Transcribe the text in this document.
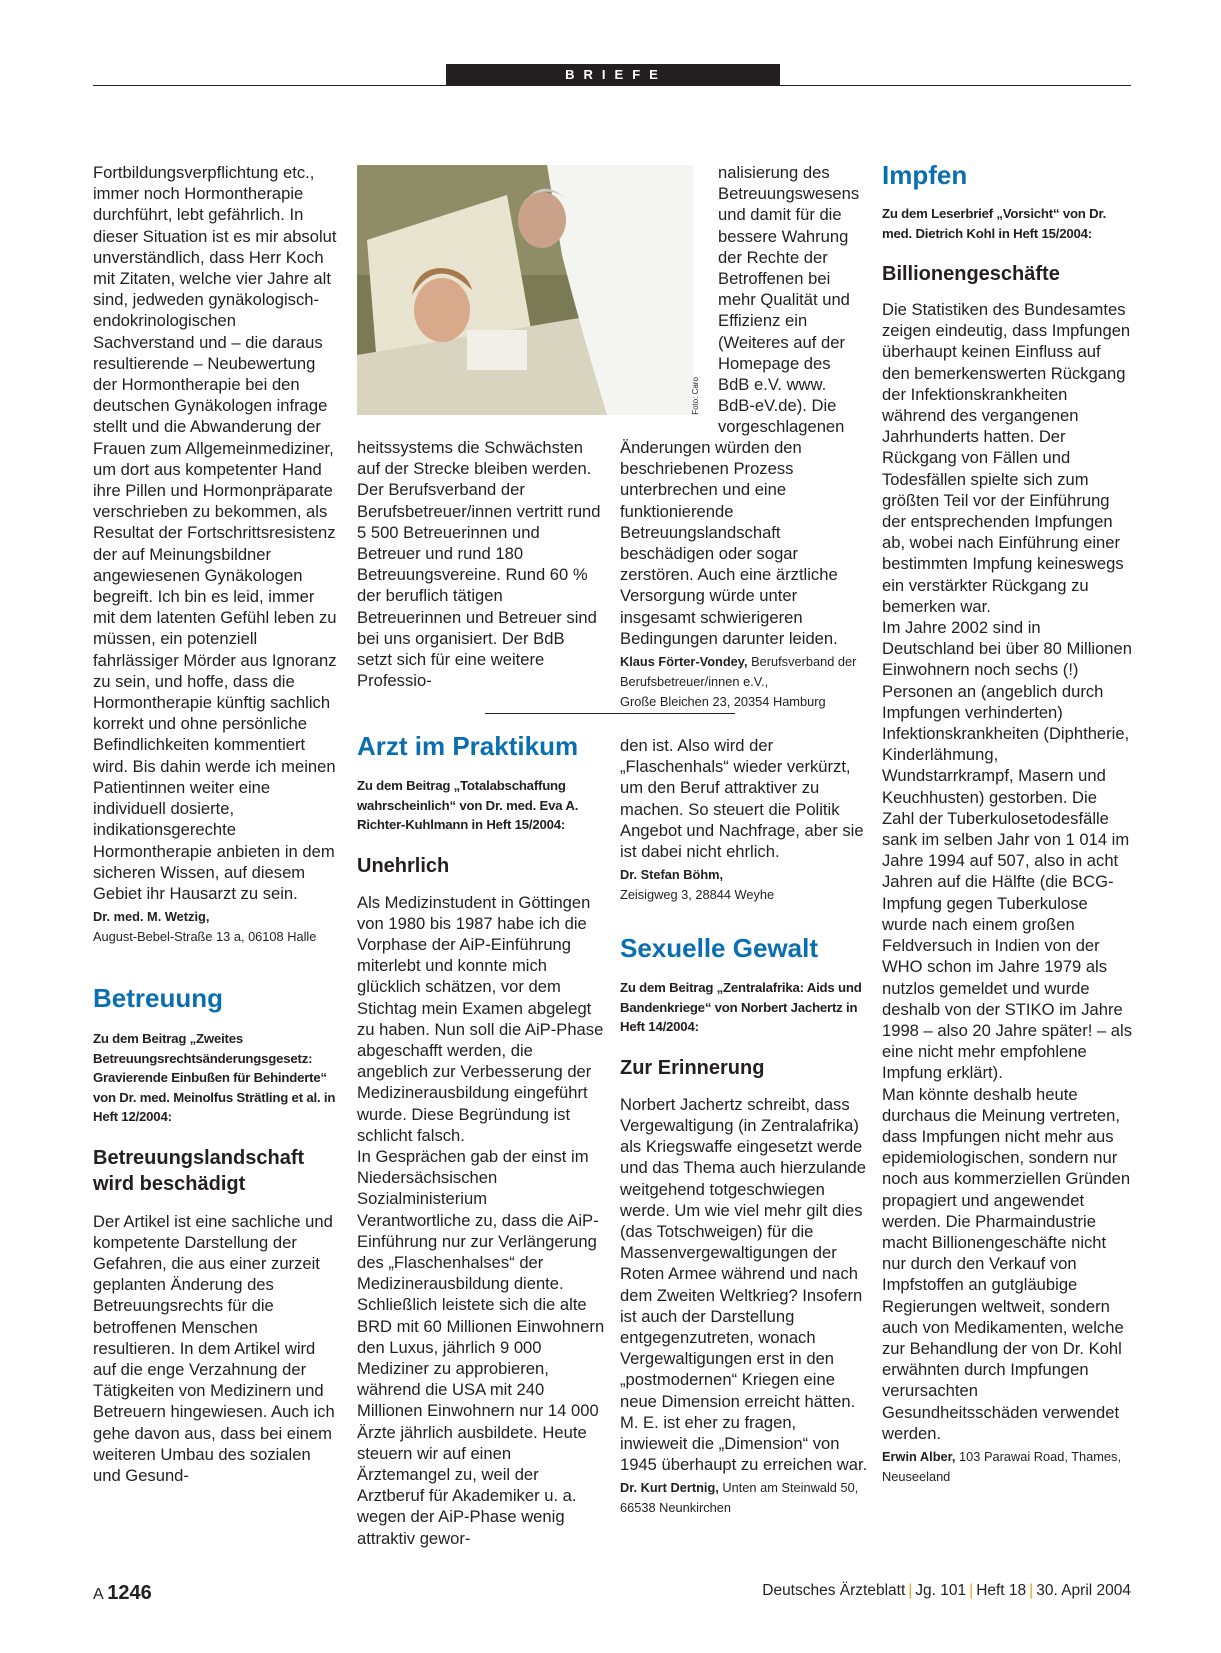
BRIEFE

Fortbildungsverpflichtung etc., immer noch Hormontherapie durchführt, lebt gefährlich. In dieser Situation ist es mir absolut unverständlich, dass Herr Koch mit Zitaten, welche vier Jahre alt sind, jedweden gynäkologisch-endokrinologischen Sachverstand und – die daraus resultierende – Neubewertung der Hormontherapie bei den deutschen Gynäkologen infrage stellt und die Abwanderung der Frauen zum Allgemeinmediziner, um dort aus kompetenter Hand ihre Pillen und Hormonpräparate verschrieben zu bekommen, als Resultat der Fortschrittsresistenz der auf Meinungsbildner angewiesenen Gynäkologen begreift. Ich bin es leid, immer mit dem latenten Gefühl leben zu müssen, ein potenziell fahrlässiger Mörder aus Ignoranz zu sein, und hoffe, dass die Hormontherapie künftig sachlich korrekt und ohne persönliche Befindlichkeiten kommentiert wird. Bis dahin werde ich meinen Patientinnen weiter eine individuell dosierte, indikationsgerechte Hormontherapie anbieten in dem sicheren Wissen, auf diesem Gebiet ihr Hausarzt zu sein.

Dr. med. M. Wetzig,
August-Bebel-Straße 13 a, 06108 Halle
Betreuung

Zu dem Beitrag „Zweites Betreuungsrechtsänderungsgesetz: Gravierende Einbußen für Behinderte“ von Dr. med. Meinolfus Strätling et al. in Heft 12/2004:

Betreuungslandschaft wird beschädigt

Der Artikel ist eine sachliche und kompetente Darstellung der Gefahren, die aus einer zurzeit geplanten Änderung des Betreuungsrechts für die betroffenen Menschen resultieren. In dem Artikel wird auf die enge Verzahnung der Tätigkeiten von Medizinern und Betreuern hingewiesen. Auch ich gehe davon aus, dass bei einem weiteren Umbau des sozialen und Gesund-

Foto: Caro

heitssystems die Schwächsten auf der Strecke bleiben werden.

Der Berufsverband der Berufsbetreuer/innen vertritt rund 5 500 Betreuerinnen und Betreuer und rund 180 Betreuungsvereine. Rund 60 % der beruflich tätigen Betreuerinnen und Betreuer sind bei uns organisiert. Der BdB setzt sich für eine weitere Professio-

nalisierung des Betreuungswesens und damit für die bessere Wahrung der Rechte der Betroffenen bei mehr Qualität und Effizienz ein (Weiteres auf der Homepage des BdB e.V. www. BdB-eV.de). Die vorgeschlagenen

Änderungen würden den beschriebenen Prozess unterbrechen und eine funktionierende Betreuungslandschaft beschädigen oder sogar zerstören. Auch eine ärztliche Versorgung würde unter insgesamt schwierigeren Bedingungen darunter leiden.

Klaus Förter-Vondey, Berufsverband der Berufsbetreuer/innen e.V.,
Große Bleichen 23, 20354 Hamburg
Arzt im Praktikum

Zu dem Beitrag „Totalabschaffung wahrscheinlich“ von Dr. med. Eva A. Richter-Kuhlmann in Heft 15/2004:

Unehrlich

Als Medizinstudent in Göttingen von 1980 bis 1987 habe ich die Vorphase der AiP-Einführung miterlebt und konnte mich glücklich schätzen, vor dem Stichtag mein Examen abgelegt zu haben. Nun soll die AiP-Phase abgeschafft werden, die angeblich zur Verbesserung der Medizinerausbildung eingeführt wurde. Diese Begründung ist schlicht falsch.

In Gesprächen gab der einst im Niedersächsischen Sozialministerium Verantwortliche zu, dass die AiP-Einführung nur zur Verlängerung des „Flaschenhalses“ der Medizinerausbildung diente. Schließlich leistete sich die alte BRD mit 60 Millionen Einwohnern den Luxus, jährlich 9 000 Mediziner zu approbieren, während die USA mit 240 Millionen Einwohnern nur 14 000 Ärzte jährlich ausbildete. Heute steuern wir auf einen Ärztemangel zu, weil der Arztberuf für Akademiker u. a. wegen der AiP-Phase wenig attraktiv gewor-

den ist. Also wird der „Flaschenhals“ wieder verkürzt, um den Beruf attraktiver zu machen. So steuert die Politik Angebot und Nachfrage, aber sie ist dabei nicht ehrlich.

Dr. Stefan Böhm,
Zeisigweg 3, 28844 Weyhe
Sexuelle Gewalt

Zu dem Beitrag „Zentralafrika: Aids und Bandenkriege“ von Norbert Jachertz in Heft 14/2004:

Zur Erinnerung

Norbert Jachertz schreibt, dass Vergewaltigung (in Zentralafrika) als Kriegswaffe eingesetzt werde und das Thema auch hierzulande weitgehend totgeschwiegen werde. Um wie viel mehr gilt dies (das Totschweigen) für die Massenvergewaltigungen der Roten Armee während und nach dem Zweiten Weltkrieg? Insofern ist auch der Darstellung entgegenzutreten, wonach Vergewaltigungen erst in den „postmodernen“ Kriegen eine neue Dimension erreicht hätten. M. E. ist eher zu fragen, inwieweit die „Dimension“ von 1945 überhaupt zu erreichen war.

Dr. Kurt Dertnig, Unten am Steinwald 50, 66538 Neunkirchen
Impfen

Zu dem Leserbrief „Vorsicht“ von Dr. med. Dietrich Kohl in Heft 15/2004:

Billionengeschäfte

Die Statistiken des Bundesamtes zeigen eindeutig, dass Impfungen überhaupt keinen Einfluss auf den bemerkenswerten Rückgang der Infektionskrankheiten während des vergangenen Jahrhunderts hatten. Der Rückgang von Fällen und Todesfällen spielte sich zum größten Teil vor der Einführung der entsprechenden Impfungen ab, wobei nach Einführung einer bestimmten Impfung keineswegs ein verstärkter Rückgang zu bemerken war.

Im Jahre 2002 sind in Deutschland bei über 80 Millionen Einwohnern noch sechs (!) Personen an (angeblich durch Impfungen verhinderten) Infektionskrankheiten (Diphtherie, Kinderlähmung, Wundstarrkrampf, Masern und Keuchhusten) gestorben. Die Zahl der Tuberkulosetodesfälle sank im selben Jahr von 1 014 im Jahre 1994 auf 507, also in acht Jahren auf die Hälfte (die BCG-Impfung gegen Tuberkulose wurde nach einem großen Feldversuch in Indien von der WHO schon im Jahre 1979 als nutzlos gemeldet und wurde deshalb von der STIKO im Jahre 1998 – also 20 Jahre später! – als eine nicht mehr empfohlene Impfung erklärt).

Man könnte deshalb heute durchaus die Meinung vertreten, dass Impfungen nicht mehr aus epidemiologischen, sondern nur noch aus kommerziellen Gründen propagiert und angewendet werden. Die Pharmaindustrie macht Billionengeschäfte nicht nur durch den Verkauf von Impfstoffen an gutgläubige Regierungen weltweit, sondern auch von Medikamenten, welche zur Behandlung der von Dr. Kohl erwähnten durch Impfungen verursachten Gesundheitsschäden verwendet werden.

Erwin Alber, 103 Parawai Road, Thames, Neuseeland
A 1246	Deutsches Ärzteblatt | Jg. 101 | Heft 18 | 30. April 2004
